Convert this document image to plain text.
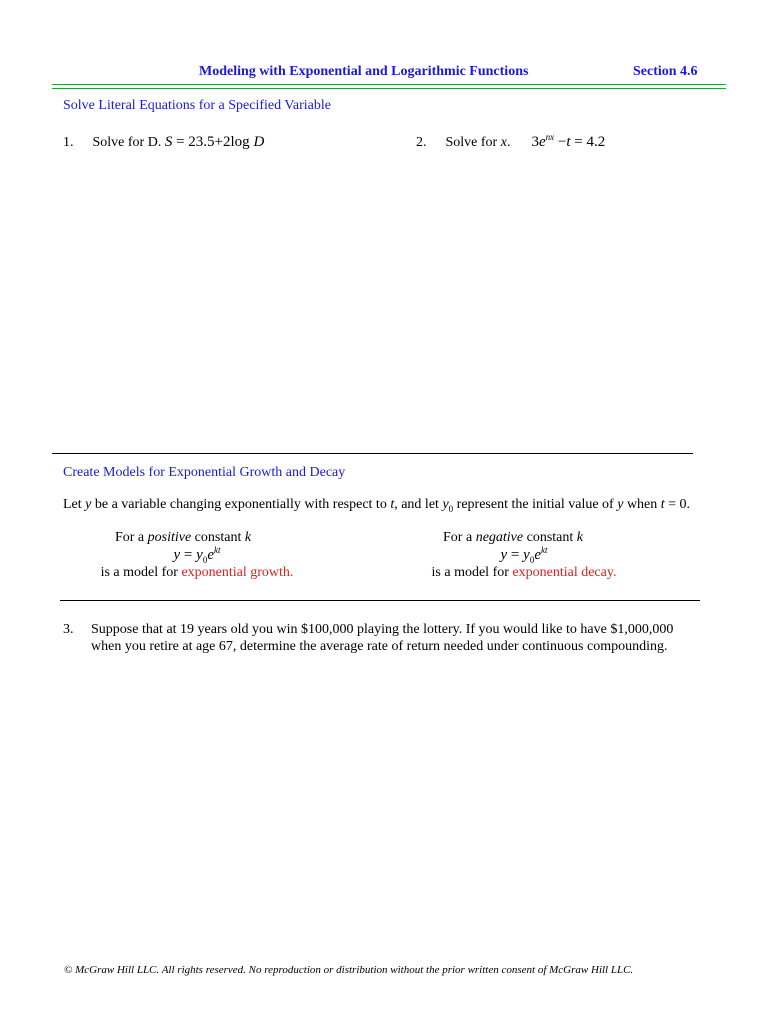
Modeling with Exponential and Logarithmic Functions	Section 4.6
Solve Literal Equations for a Specified Variable
1. Solve for D. S = 23.5+2log D	2. Solve for x. $3e^{nx} -t = 4.2$
Create Models for Exponential Growth and Decay
Let y be a variable changing exponentially with respect to t, and let $y_0$ represent the initial value of y when t = 0.
For a positive constant k
$y = y_0e^{kt}$
is a model for exponential growth.
For a negative constant k
$y = y_0e^{kt}$
is a model for exponential decay.
3. Suppose that at 19 years old you win $100,000 playing the lottery. If you would like to have $1,000,000 when you retire at age 67, determine the average rate of return needed under continuous compounding.
© McGraw Hill LLC. All rights reserved. No reproduction or distribution without the prior written consent of McGraw Hill LLC.
